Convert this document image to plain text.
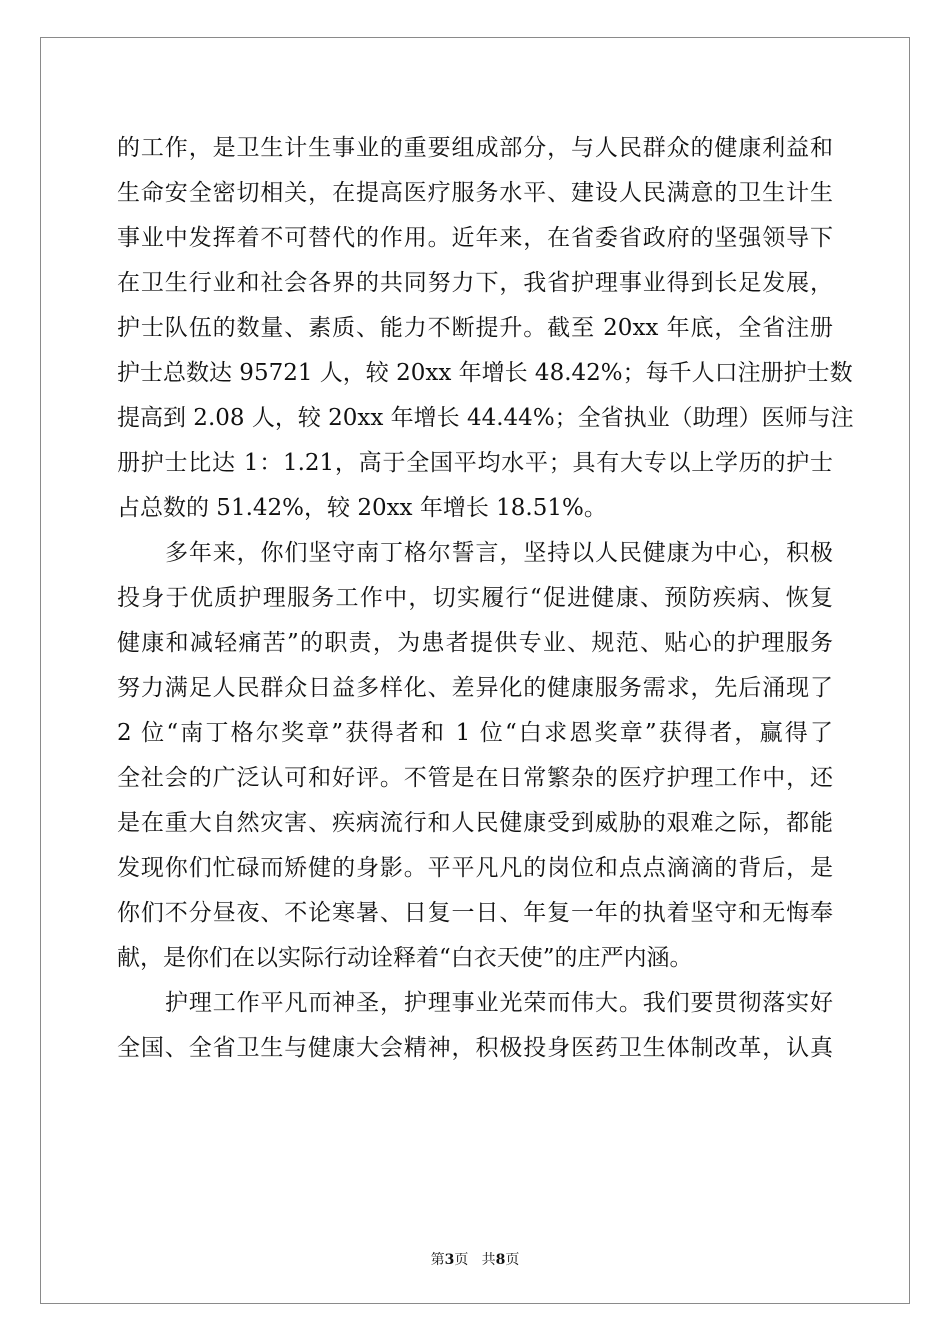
的工作，是卫生计生事业的重要组成部分，与人民群众的健康利益和
生命安全密切相关，在提高医疗服务水平、建设人民满意的卫生计生
事业中发挥着不可替代的作用。近年来，在省委省政府的坚强领导下
在卫生行业和社会各界的共同努力下，我省护理事业得到长足发展，
护士队伍的数量、素质、能力不断提升。截至 20xx 年底，全省注册
护士总数达 95721 人，较 20xx 年增长 48.42%；每千人口注册护士数
提高到 2.08 人，较 20xx 年增长 44.44%；全省执业（助理）医师与注
册护士比达 1：1.21，高于全国平均水平；具有大专以上学历的护士
占总数的 51.42%，较 20xx 年增长 18.51%。
多年来，你们坚守南丁格尔誓言，坚持以人民健康为中心，积极
投身于优质护理服务工作中，切实履行“促进健康、预防疾病、恢复
健康和减轻痛苦”的职责，为患者提供专业、规范、贴心的护理服务
努力满足人民群众日益多样化、差异化的健康服务需求，先后涌现了
2 位“南丁格尔奖章”获得者和 1 位“白求恩奖章”获得者，赢得了
全社会的广泛认可和好评。不管是在日常繁杂的医疗护理工作中，还
是在重大自然灾害、疾病流行和人民健康受到威胁的艰难之际，都能
发现你们忙碌而矫健的身影。平平凡凡的岗位和点点滴滴的背后，是
你们不分昼夜、不论寒暑、日复一日、年复一年的执着坚守和无悔奉
献，是你们在以实际行动诠释着“白衣天使”的庄严内涵。
护理工作平凡而神圣，护理事业光荣而伟大。我们要贯彻落实好
全国、全省卫生与健康大会精神，积极投身医药卫生体制改革，认真
第3页 共8页
